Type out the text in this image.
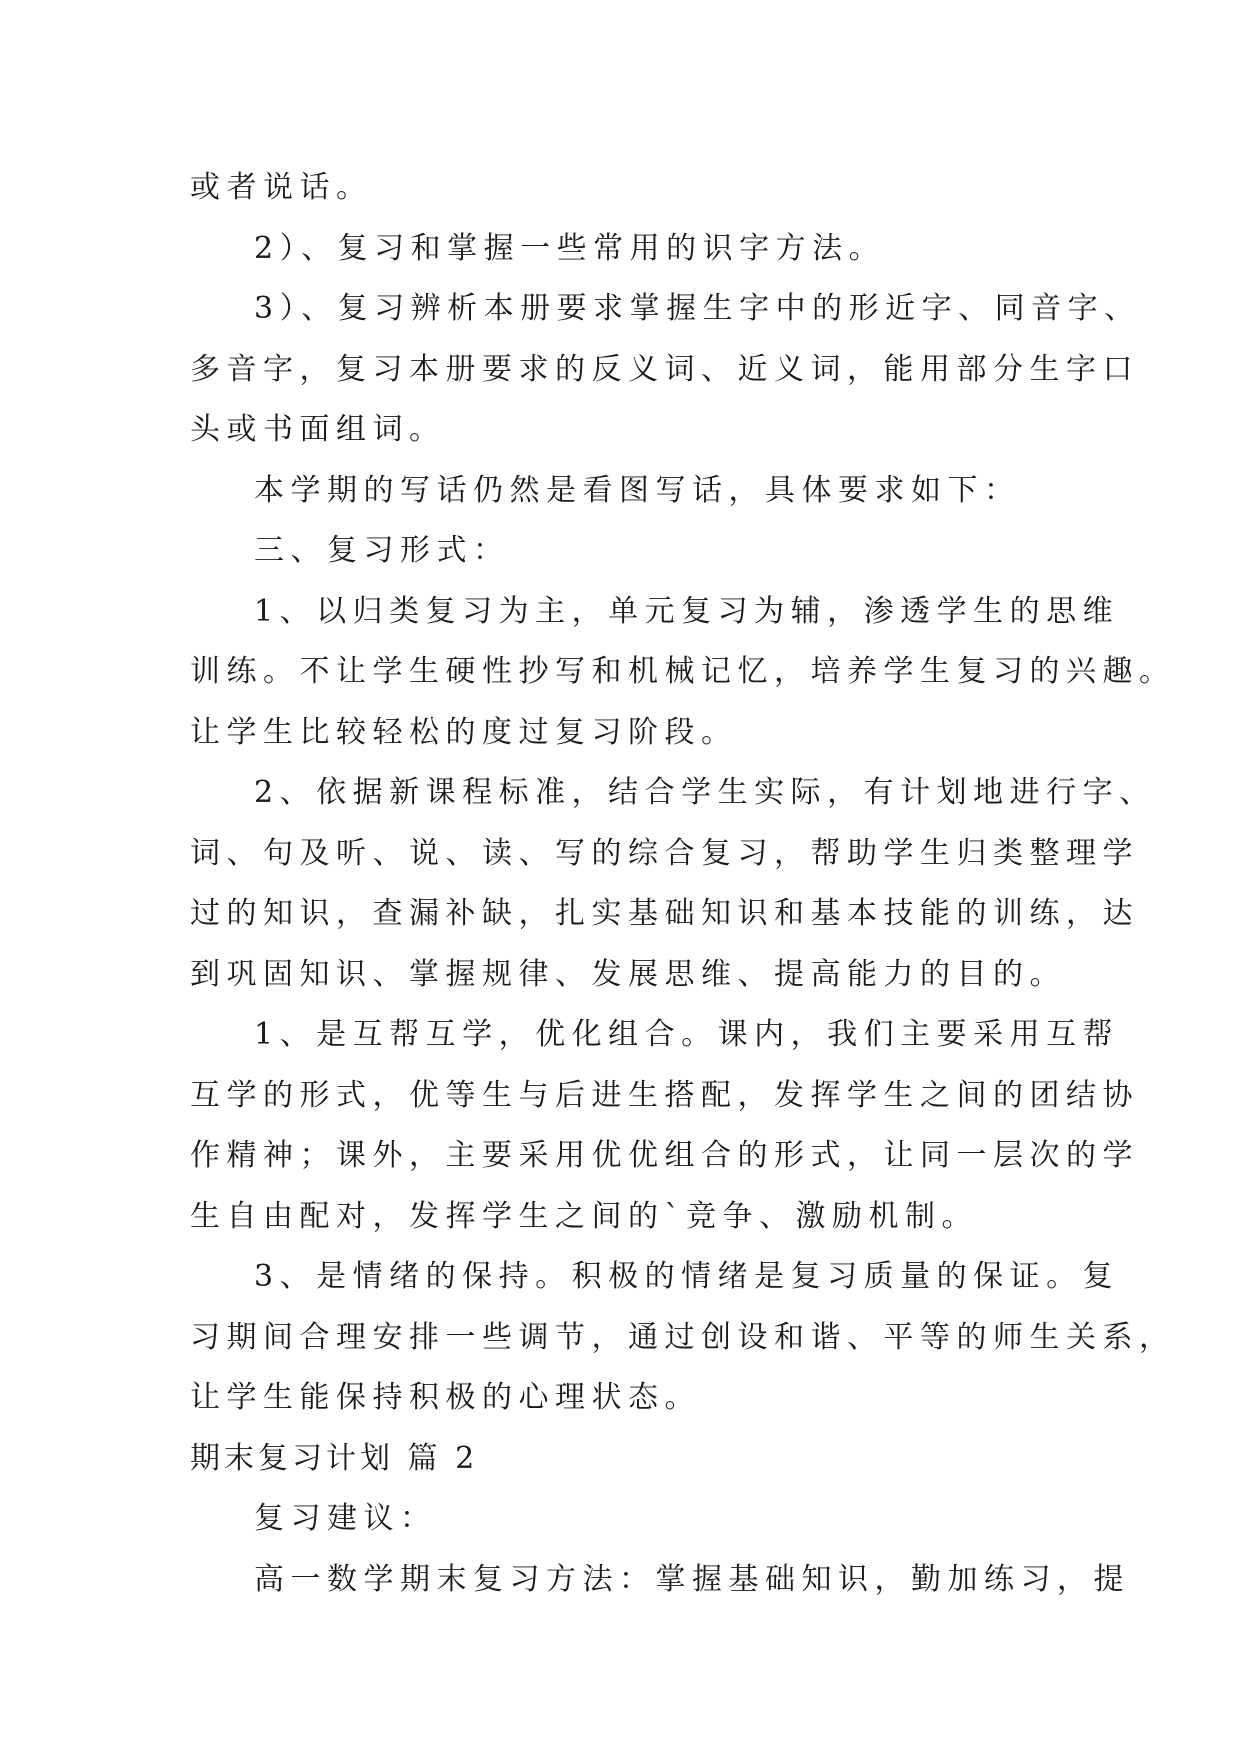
或者说话。
2）、复习和掌握一些常用的识字方法。
3）、复习辨析本册要求掌握生字中的形近字、同音字、
多音字，复习本册要求的反义词、近义词，能用部分生字口
头或书面组词。
本学期的写话仍然是看图写话，具体要求如下：
三、复习形式：
1、以归类复习为主，单元复习为辅，渗透学生的思维
训练。不让学生硬性抄写和机械记忆，培养学生复习的兴趣。
让学生比较轻松的度过复习阶段。
2、依据新课程标准，结合学生实际，有计划地进行字、
词、句及听、说、读、写的综合复习，帮助学生归类整理学
过的知识，查漏补缺，扎实基础知识和基本技能的训练，达
到巩固知识、掌握规律、发展思维、提高能力的目的。
1、是互帮互学，优化组合。课内，我们主要采用互帮
互学的形式，优等生与后进生搭配，发挥学生之间的团结协
作精神；课外，主要采用优优组合的形式，让同一层次的学
生自由配对，发挥学生之间的`竞争、激励机制。
3、是情绪的保持。积极的情绪是复习质量的保证。复
习期间合理安排一些调节，通过创设和谐、平等的师生关系，
让学生能保持积极的心理状态。
期末复习计划 篇 2
复习建议：
高一数学期末复习方法：掌握基础知识，勤加练习，提
